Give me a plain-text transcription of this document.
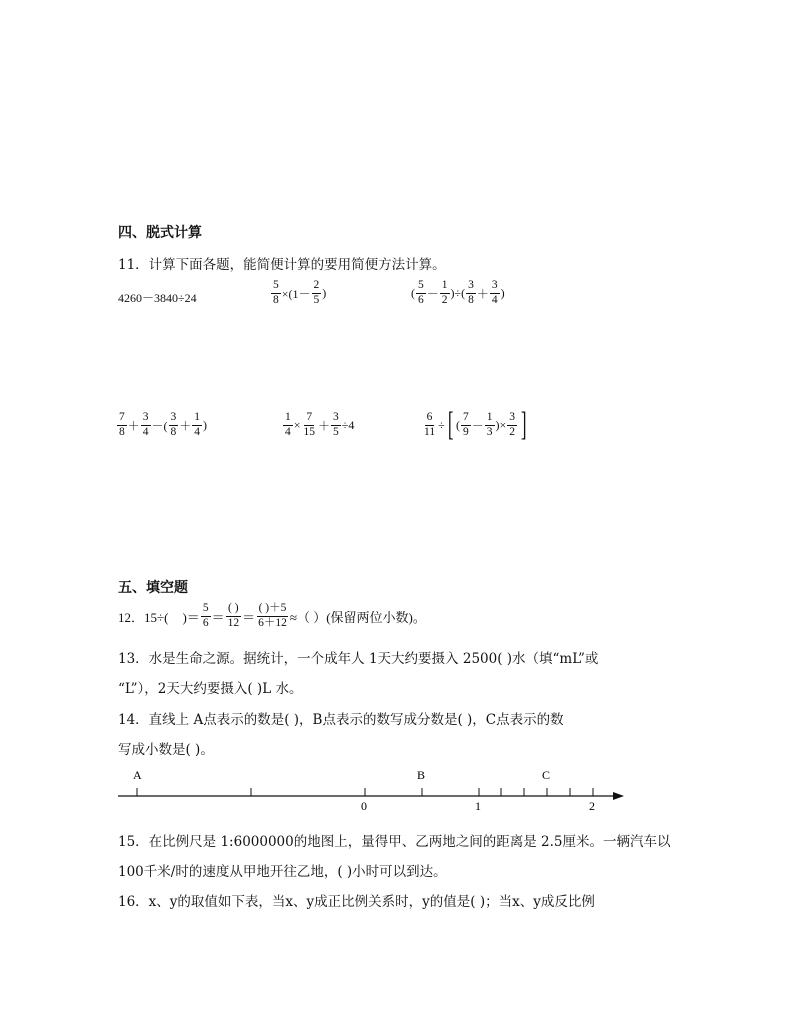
四、脱式计算
11．计算下面各题，能简便计算的要用简便方法计算。
4260－3840÷24	$\frac{5}{8} \times(1- \frac{2}{5}$ )	( $\frac{5}{6} - \frac{1}{2}$ )÷( $\frac{3}{8} + \frac{3}{4}$ )
$\frac{7}{8} + \frac{3}{4}$ －( $\frac{3}{8} + \frac{1}{4}$ )	$\frac{1}{4} \times \frac{7}{15} + \frac{3}{5} \div 4$	$\frac{6}{11}$ ÷ [ ( $\frac{7}{9} - \frac{1}{3}$ )× $\frac{3}{2}$ ]
五、填空题
12．15÷( )＝ $\frac{5}{6} = \frac{( )}{12} = \frac{( )+5}{6+12}$ ≈（ ）(保留两位小数)。
13．水是生命之源。据统计，一个成年人 1天大约要摄入 2500( )水（填“mL”或
“L”），2天大约要摄入( )L 水。
14．直线上 A点表示的数是( )，B点表示的数写成分数是( )，C点表示的数
写成小数是( )。
A	B	C
0	1	2
15．在比例尺是 1:6000000的地图上，量得甲、乙两地之间的距离是 2.5厘米。一辆汽车以
100千米/时的速度从甲地开往乙地，( )小时可以到达。
16．x、y的取值如下表，当x、y成正比例关系时，y的值是( )；当x、y成反比例
